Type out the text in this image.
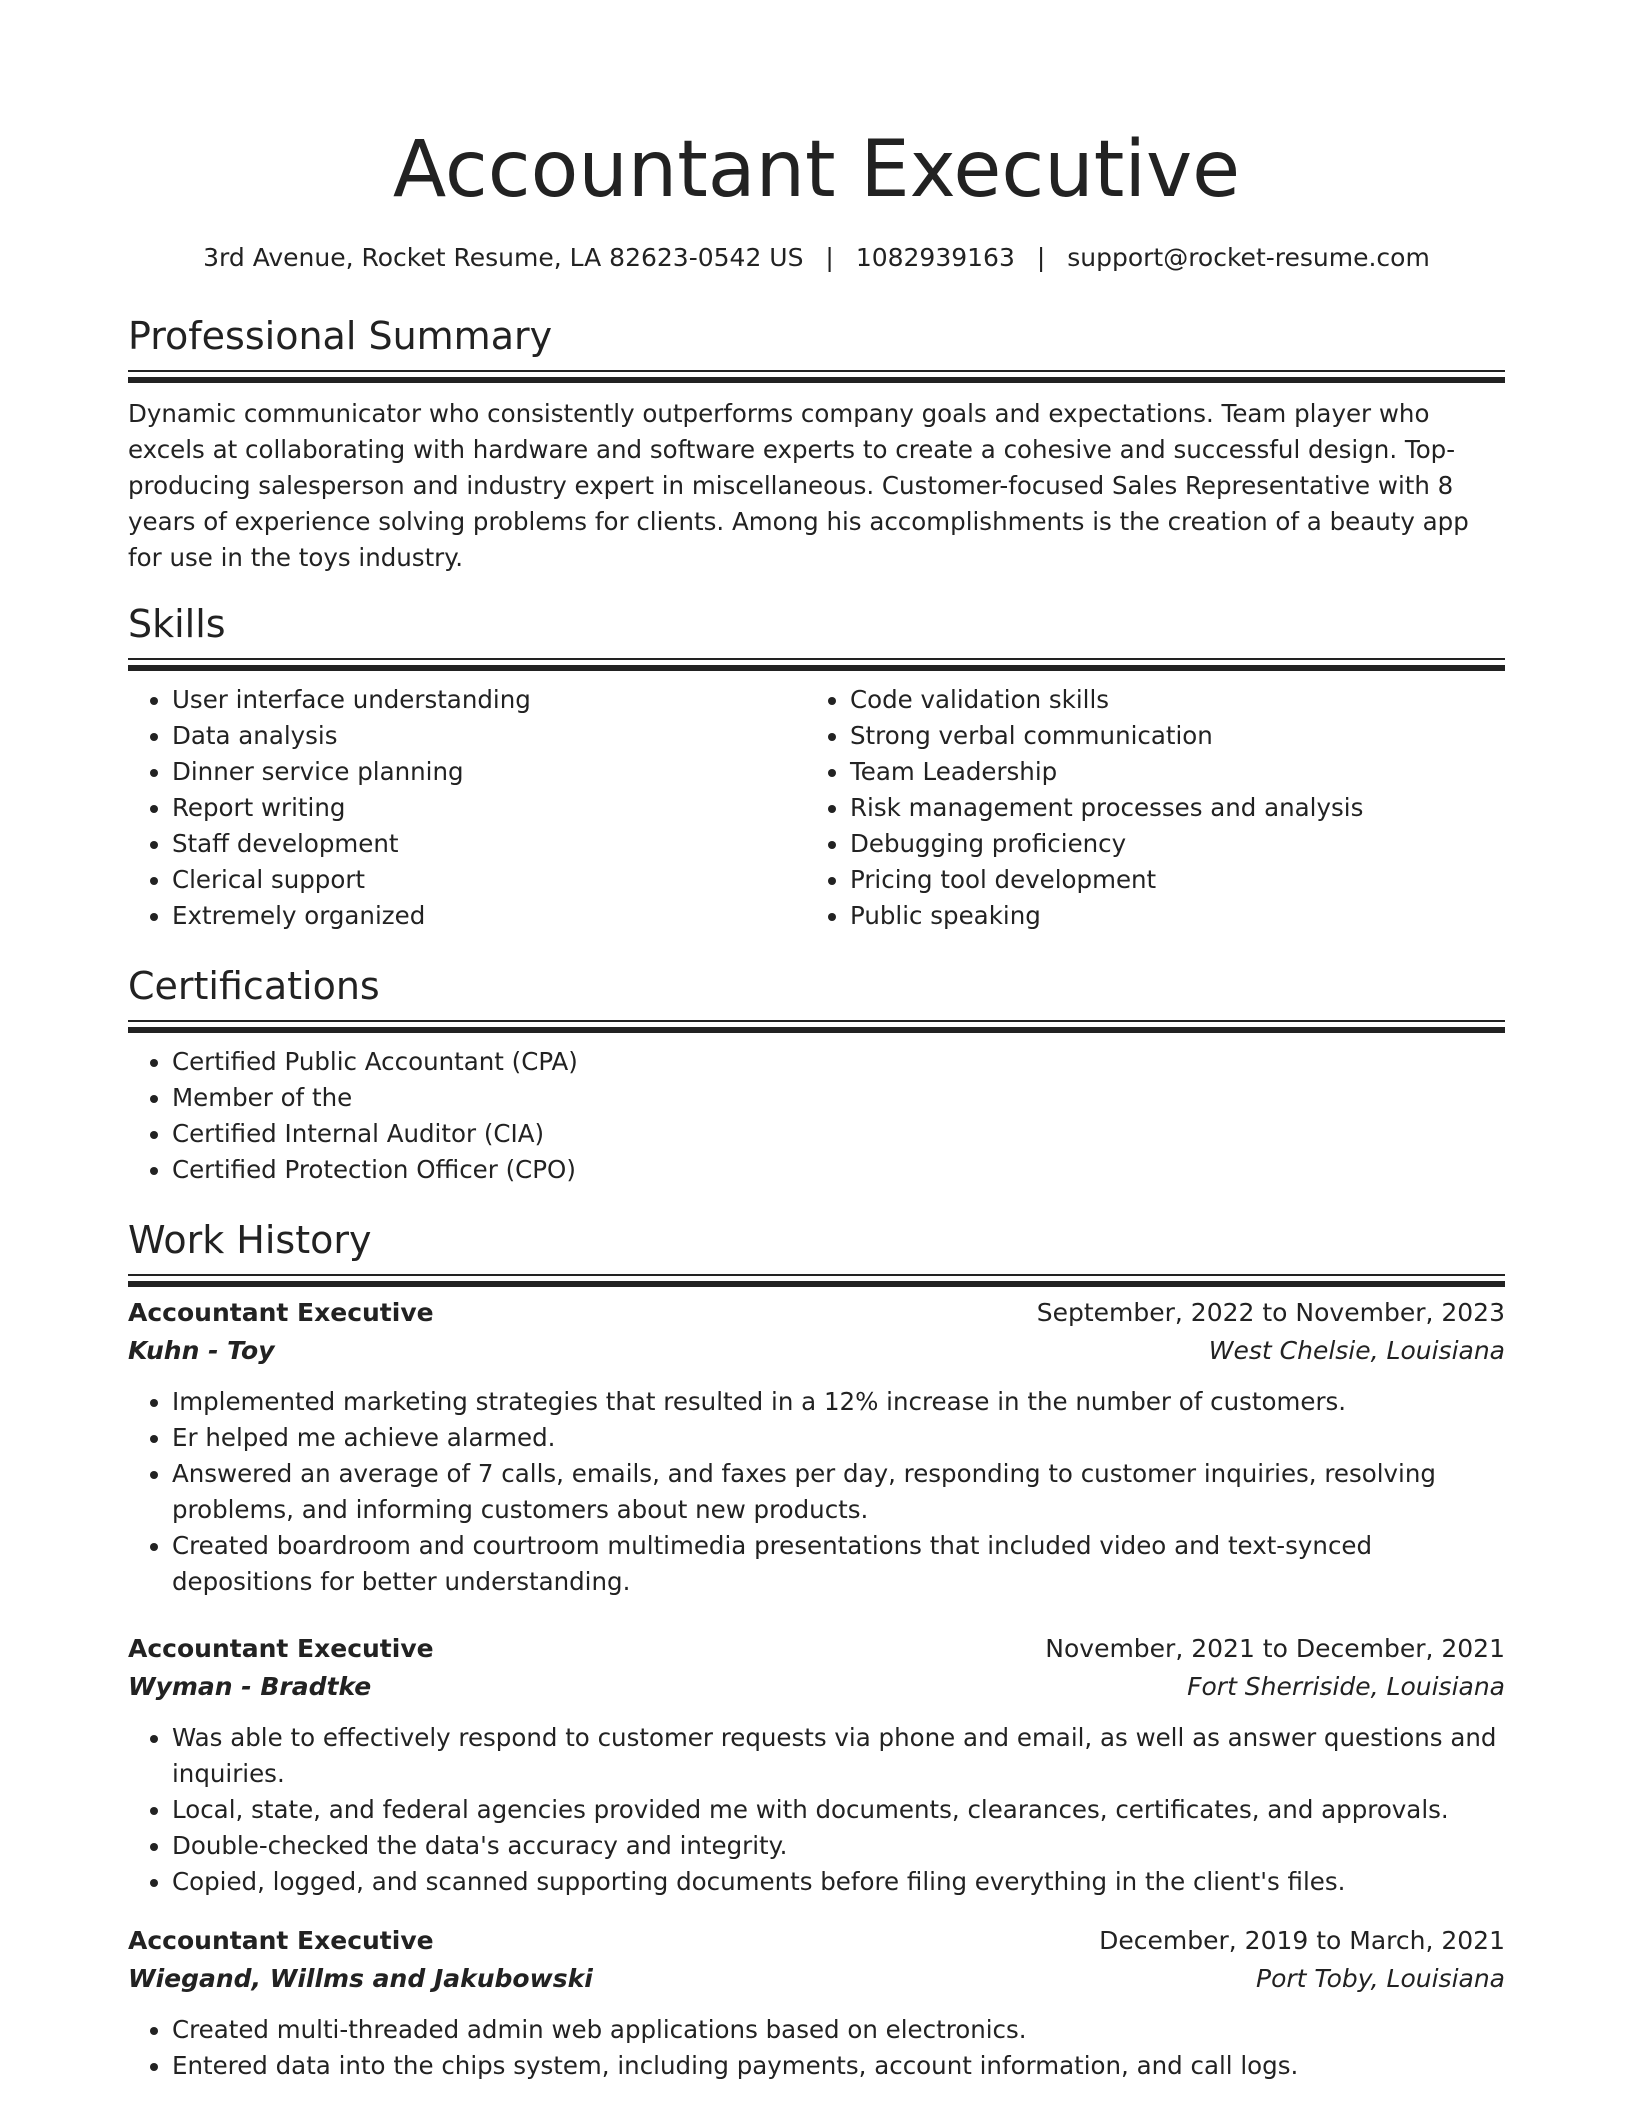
Accountant Executive
3rd Avenue, Rocket Resume, LA 82623-0542 US | 1082939163 | support@rocket-resume.com
Professional Summary

Dynamic communicator who consistently outperforms company goals and expectations. Team player who excels at collaborating with hardware and software experts to create a cohesive and successful design. Top-producing salesperson and industry expert in miscellaneous. Customer-focused Sales Representative with 8 years of experience solving problems for clients. Among his accomplishments is the creation of a beauty app for use in the toys industry.

Skills
• User interface understanding
• Data analysis
• Dinner service planning
• Report writing
• Staff development
• Clerical support
• Extremely organized
• Code validation skills
• Strong verbal communication
• Team Leadership
• Risk management processes and analysis
• Debugging proficiency
• Pricing tool development
• Public speaking
Certifications
• Certified Public Accountant (CPA)
• Member of the
• Certified Internal Auditor (CIA)
• Certified Protection Officer (CPO)
Work History
Accountant Executive	September, 2022 to November, 2023
Kuhn - Toy	West Chelsie, Louisiana
• Implemented marketing strategies that resulted in a 12% increase in the number of customers.
• Er helped me achieve alarmed.
• Answered an average of 7 calls, emails, and faxes per day, responding to customer inquiries, resolving problems, and informing customers about new products.
• Created boardroom and courtroom multimedia presentations that included video and text-synced depositions for better understanding.
Accountant Executive	November, 2021 to December, 2021
Wyman - Bradtke	Fort Sherriside, Louisiana
• Was able to effectively respond to customer requests via phone and email, as well as answer questions and inquiries.
• Local, state, and federal agencies provided me with documents, clearances, certificates, and approvals.
• Double-checked the data's accuracy and integrity.
• Copied, logged, and scanned supporting documents before filing everything in the client's files.
Accountant Executive	December, 2019 to March, 2021
Wiegand, Willms and Jakubowski	Port Toby, Louisiana
• Created multi-threaded admin web applications based on electronics.
• Entered data into the chips system, including payments, account information, and call logs.
